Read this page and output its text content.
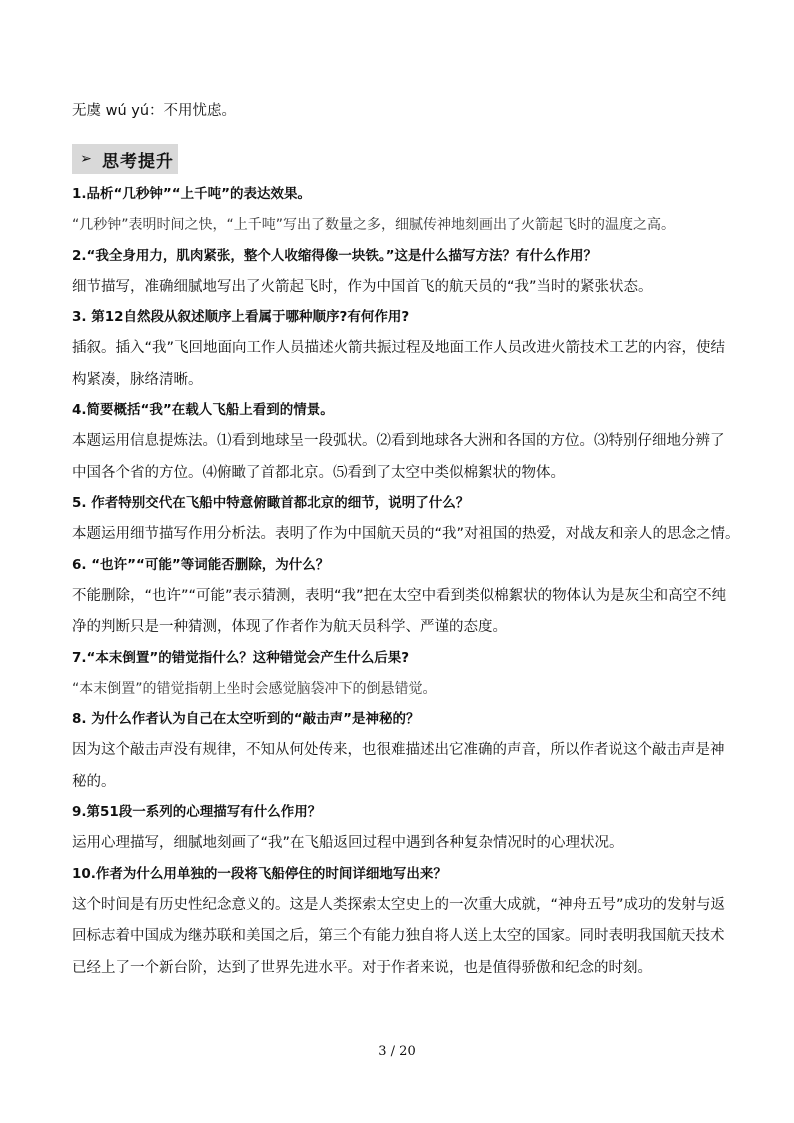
无虞 wú yú：不用忧虑。
➢ 思考提升
1.品析“几秒钟”“上千吨”的表达效果。
“几秒钟”表明时间之快，“上千吨”写出了数量之多，细腻传神地刻画出了火箭起飞时的温度之高。
2.“我全身用力，肌肉紧张，整个人收缩得像一块铁。”这是什么描写方法？有什么作用？
细节描写，准确细腻地写出了火箭起飞时，作为中国首飞的航天员的“我”当时的紧张状态。
3. 第12自然段从叙述顺序上看属于哪种顺序?有何作用?
插叙。插入“我”飞回地面向工作人员描述火箭共振过程及地面工作人员改进火箭技术工艺的内容，使结构紧凑，脉络清晰。
4.简要概括“我”在载人飞船上看到的情景。
本题运用信息提炼法。⑴看到地球呈一段弧状。⑵看到地球各大洲和各国的方位。⑶特别仔细地分辨了中国各个省的方位。⑷俯瞰了首都北京。⑸看到了太空中类似棉絮状的物体。
5. 作者特别交代在飞船中特意俯瞰首都北京的细节，说明了什么？
本题运用细节描写作用分析法。表明了作为中国航天员的“我”对祖国的热爱，对战友和亲人的思念之情。
6. “也许”“可能”等词能否删除，为什么？
不能删除，“也许”“可能”表示猜测，表明“我”把在太空中看到类似棉絮状的物体认为是灰尘和高空不纯净的判断只是一种猜测，体现了作者作为航天员科学、严谨的态度。
7.“本末倒置”的错觉指什么？这种错觉会产生什么后果?
“本末倒置”的错觉指朝上坐时会感觉脑袋冲下的倒悬错觉。
8. 为什么作者认为自己在太空听到的“敲击声”是神秘的？
因为这个敲击声没有规律，不知从何处传来，也很难描述出它准确的声音，所以作者说这个敲击声是神秘的。
9.第51段一系列的心理描写有什么作用？
运用心理描写，细腻地刻画了“我”在飞船返回过程中遇到各种复杂情况时的心理状况。
10.作者为什么用单独的一段将飞船停住的时间详细地写出来？
这个时间是有历史性纪念意义的。这是人类探索太空史上的一次重大成就，“神舟五号”成功的发射与返回标志着中国成为继苏联和美国之后，第三个有能力独自将人送上太空的国家。同时表明我国航天技术已经上了一个新台阶，达到了世界先进水平。对于作者来说，也是值得骄傲和纪念的时刻。
3 / 20
